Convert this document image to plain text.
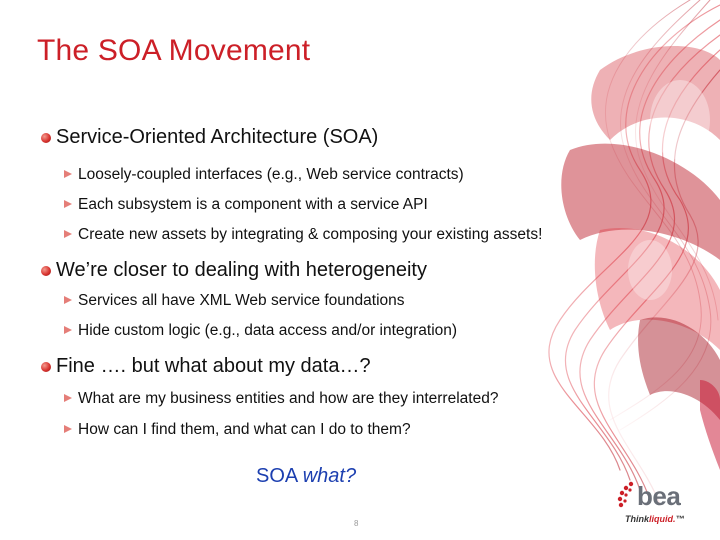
The SOA Movement
Service-Oriented Architecture (SOA)
Loosely-coupled interfaces (e.g., Web service contracts)
Each subsystem is a component with a service API
Create new assets by integrating & composing your existing assets!
We’re closer to dealing with heterogeneity
Services all have XML Web service foundations
Hide custom logic (e.g., data access and/or integration)
Fine …. but what about my data…?
What are my business entities and how are they interrelated?
How can I find them, and what can I do to them?
SOA what?
8
bea
Thinkliquid.™
